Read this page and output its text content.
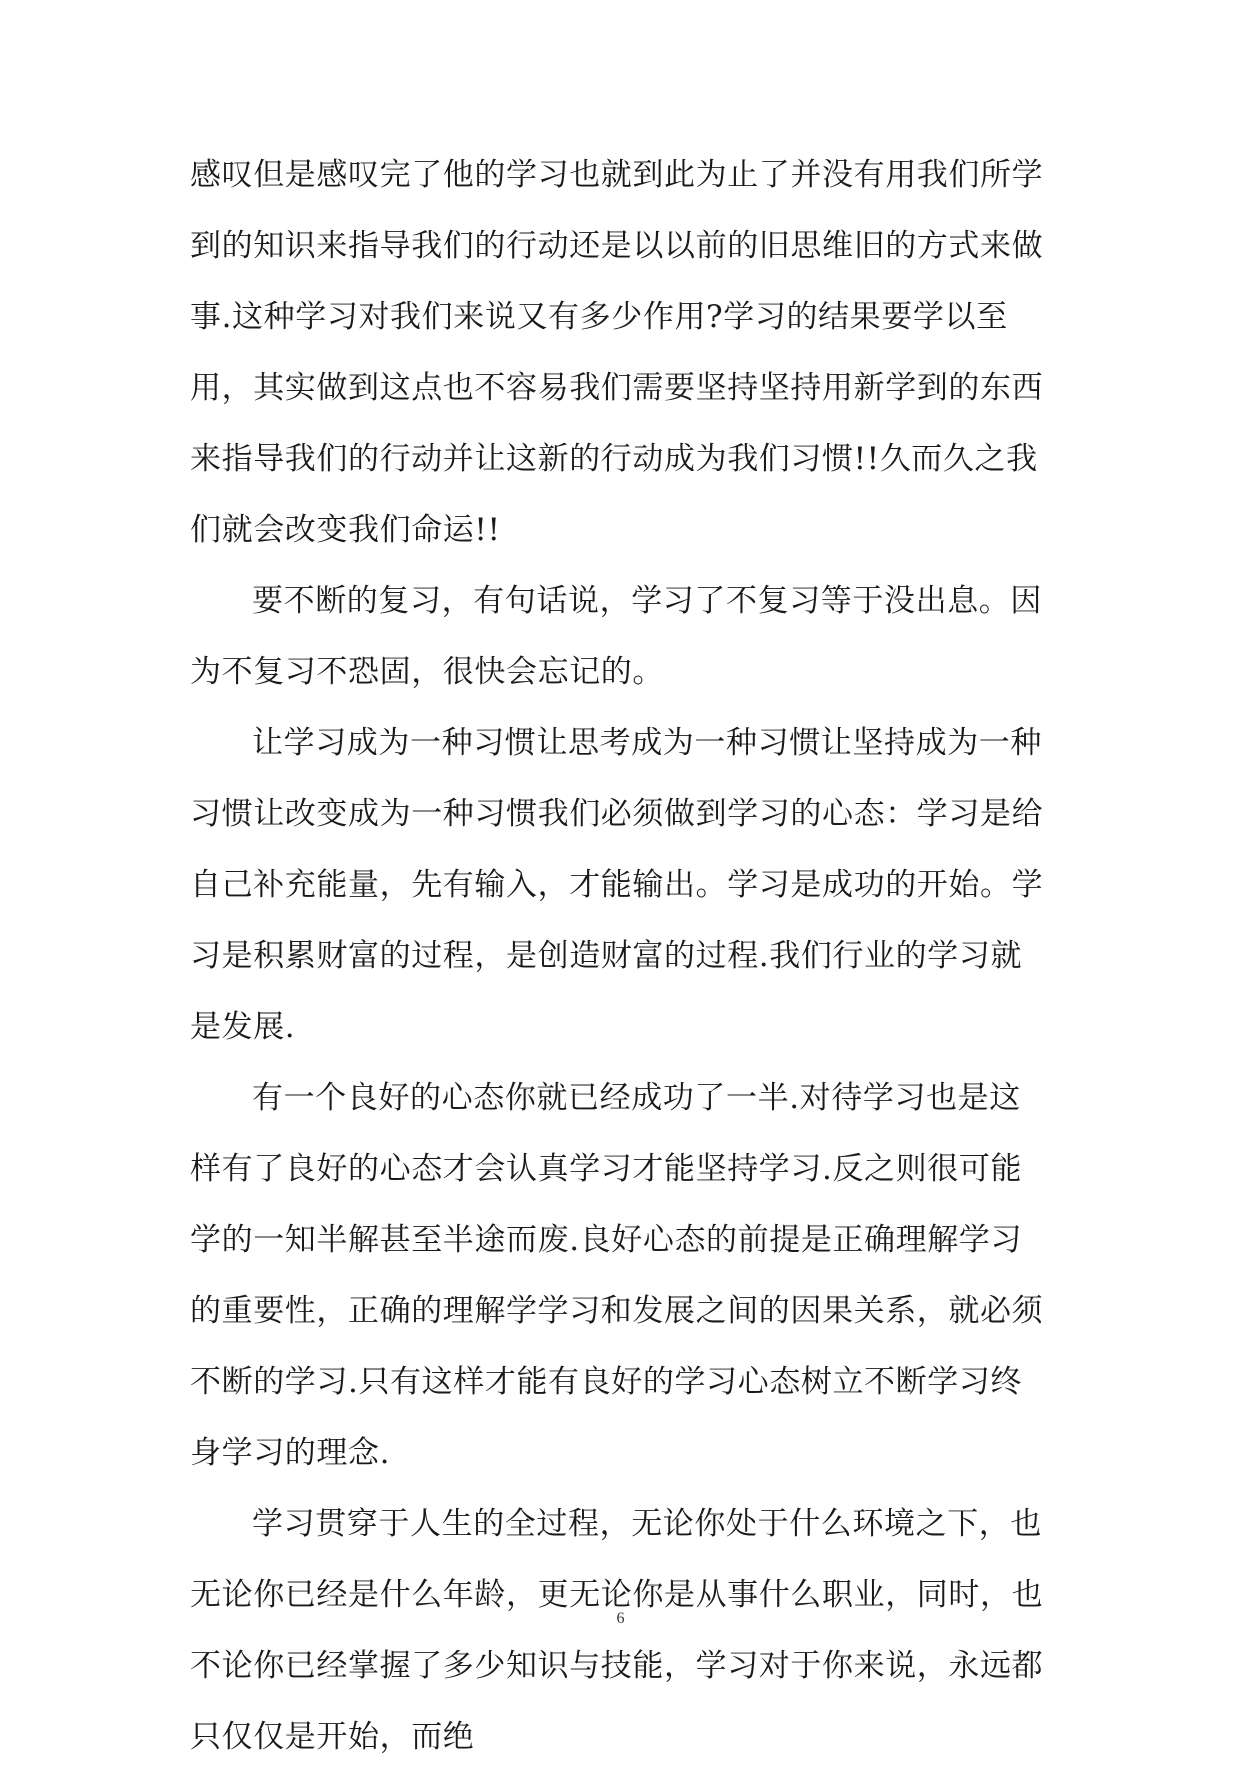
感叹但是感叹完了他的学习也就到此为止了并没有用我们所学到的知识来指导我们的行动还是以以前的旧思维旧的方式来做事.这种学习对我们来说又有多少作用?学习的结果要学以至用，其实做到这点也不容易我们需要坚持坚持用新学到的东西来指导我们的行动并让这新的行动成为我们习惯!!久而久之我们就会改变我们命运!!

要不断的复习，有句话说，学习了不复习等于没出息。因为不复习不恐固，很快会忘记的。

让学习成为一种习惯让思考成为一种习惯让坚持成为一种习惯让改变成为一种习惯我们必须做到学习的心态：学习是给自己补充能量，先有输入，才能输出。学习是成功的开始。学习是积累财富的过程，是创造财富的过程.我们行业的学习就是发展.

有一个良好的心态你就已经成功了一半.对待学习也是这样有了良好的心态才会认真学习才能坚持学习.反之则很可能学的一知半解甚至半途而废.良好心态的前提是正确理解学习的重要性，正确的理解学学习和发展之间的因果关系，就必须不断的学习.只有这样才能有良好的学习心态树立不断学习终身学习的理念.

学习贯穿于人生的全过程，无论你处于什么环境之下，也无论你已经是什么年龄，更无论你是从事什么职业，同时，也不论你已经掌握了多少知识与技能，学习对于你来说，永远都只仅仅是开始，而绝

6
